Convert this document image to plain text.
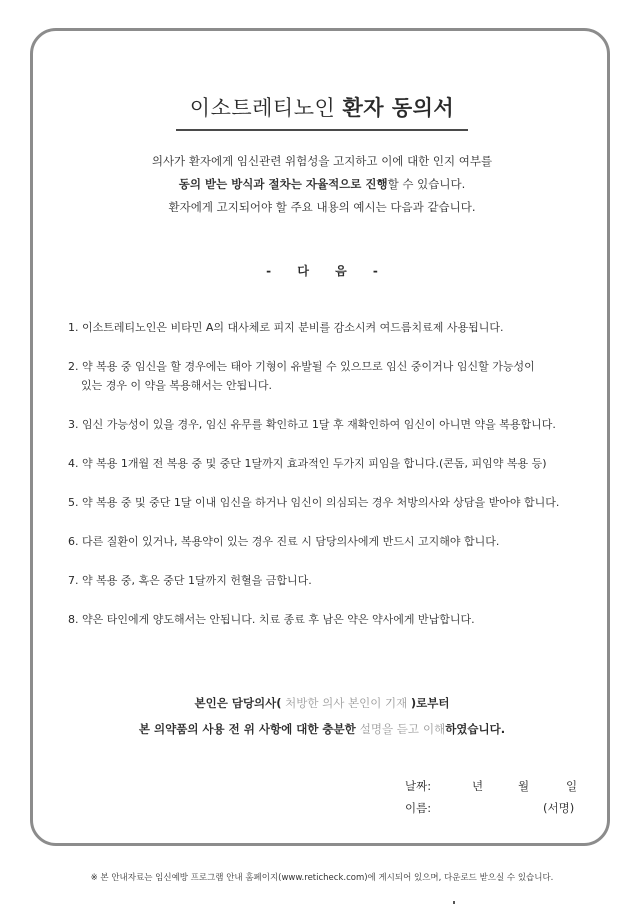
이소트레티노인 환자 동의서
의사가 환자에게 임신관련 위험성을 고지하고 이에 대한 인지 여부를
동의 받는 방식과 절차는 자율적으로 진행할 수 있습니다.
환자에게 고지되어야 할 주요 내용의 예시는 다음과 같습니다.
- 다 음 -
1. 이소트레티노인은 비타민 A의 대사체로 피지 분비를 감소시켜 여드름치료제 사용됩니다.
2. 약 복용 중 임신을 할 경우에는 태아 기형이 유발될 수 있으므로 임신 중이거나 임신할 가능성이
있는 경우 이 약을 복용해서는 안됩니다.
3. 임신 가능성이 있을 경우, 임신 유무를 확인하고 1달 후 재확인하여 임신이 아니면 약을 복용합니다.
4. 약 복용 1개월 전 복용 중 및 중단 1달까지 효과적인 두가지 피임을 합니다.(콘돔, 피임약 복용 등)
5. 약 복용 중 및 중단 1달 이내 임신을 하거나 임신이 의심되는 경우 처방의사와 상담을 받아야 합니다.
6. 다른 질환이 있거나, 복용약이 있는 경우 진료 시 담당의사에게 반드시 고지해야 합니다.
7. 약 복용 중, 혹은 중단 1달까지 헌혈을 금합니다.
8. 약은 타인에게 양도해서는 안됩니다. 치료 종료 후 남은 약은 약사에게 반납합니다.
본인은 담당의사( 처방한 의사 본인이 기재 )로부터
본 의약품의 사용 전 위 사항에 대한 충분한 설명을 듣고 이해하였습니다.
날짜:	년	월	일
이름:	(서명)
※ 본 안내자료는 임신예방 프로그램 안내 홈페이지(www.reticheck.com)에 게시되어 있으며, 다운로드 받으실 수 있습니다.
